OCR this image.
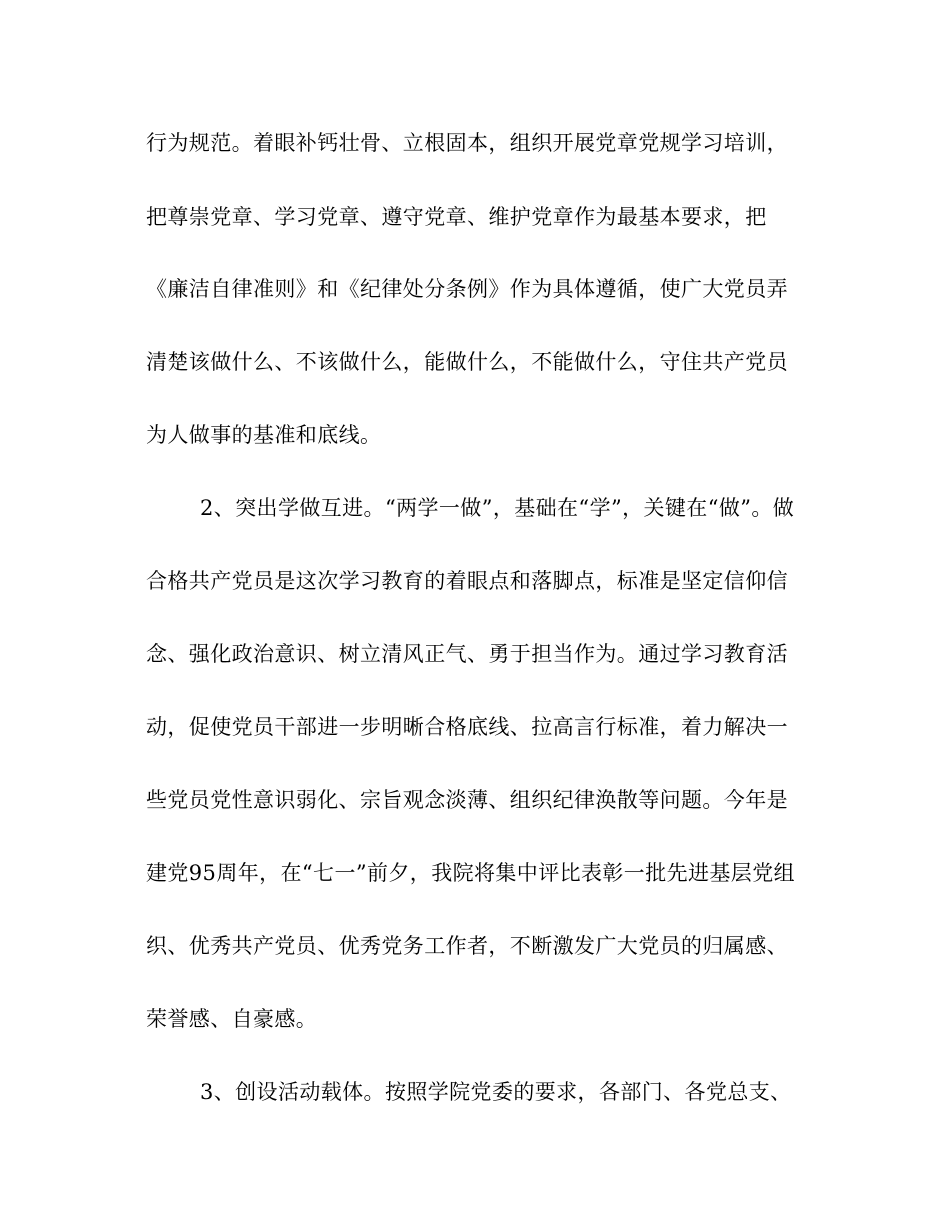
行为规范。着眼补钙壮骨、立根固本，组织开展党章党规学习培训，
把尊崇党章、学习党章、遵守党章、维护党章作为最基本要求，把
《廉洁自律准则》和《纪律处分条例》作为具体遵循，使广大党员弄
清楚该做什么、不该做什么，能做什么，不能做什么，守住共产党员
为人做事的基准和底线。
2、突出学做互进。“两学一做”，基础在“学”，关键在“做”。做
合格共产党员是这次学习教育的着眼点和落脚点，标准是坚定信仰信
念、强化政治意识、树立清风正气、勇于担当作为。通过学习教育活
动，促使党员干部进一步明晰合格底线、拉高言行标准，着力解决一
些党员党性意识弱化、宗旨观念淡薄、组织纪律涣散等问题。今年是
建党95周年，在“七一”前夕，我院将集中评比表彰一批先进基层党组
织、优秀共产党员、优秀党务工作者，不断激发广大党员的归属感、
荣誉感、自豪感。
3、创设活动载体。按照学院党委的要求，各部门、各党总支、
